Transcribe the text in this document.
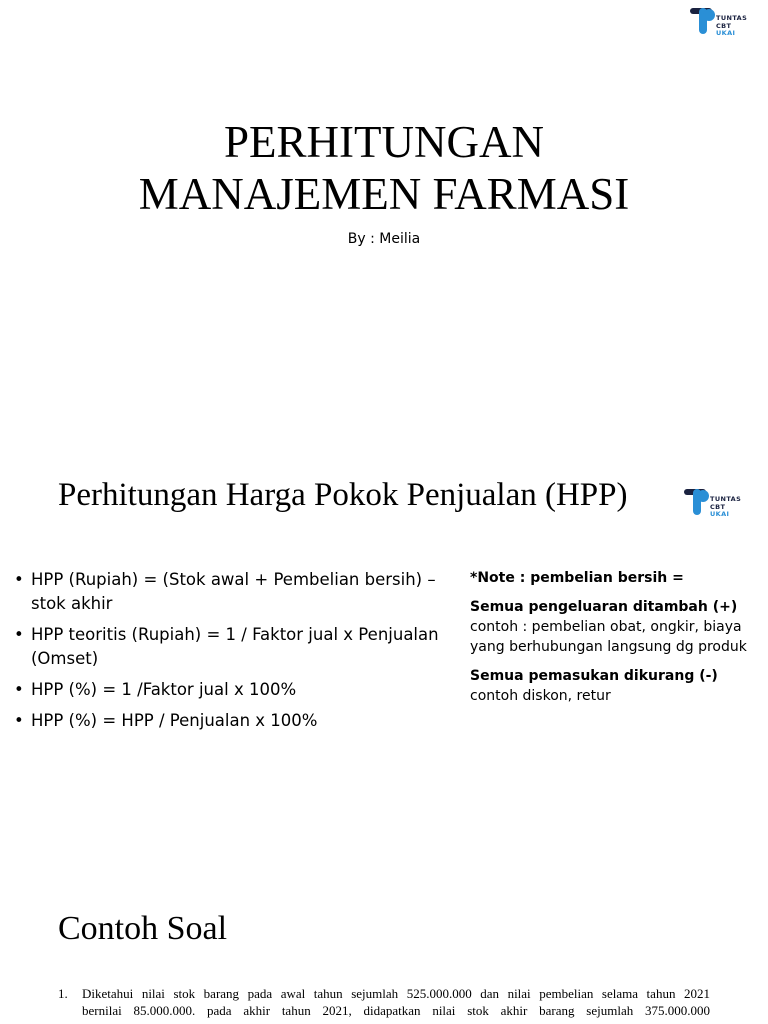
TUNTAS
CBT
UKAI
PERHITUNGAN
MANAJEMEN FARMASI
By : Meilia
TUNTAS
CBT
UKAI
Perhitungan Harga Pokok Penjualan (HPP)
• HPP (Rupiah) = (Stok awal + Pembelian bersih) – stok akhir
• HPP teoritis (Rupiah) = 1 / Faktor jual x Penjualan (Omset)
• HPP (%) = 1 /Faktor jual x 100%
• HPP (%) = HPP / Penjualan x 100%
*Note : pembelian bersih =
Semua pengeluaran ditambah (+)
contoh : pembelian obat, ongkir, biaya yang berhubungan langsung dg produk
Semua pemasukan dikurang (-)
contoh diskon, retur
Contoh Soal
1. Diketahui nilai stok barang pada awal tahun sejumlah 525.000.000 dan nilai pembelian selama tahun 2021
bernilai 85.000.000. pada akhir tahun 2021, didapatkan nilai stok akhir barang sejumlah 375.000.000
